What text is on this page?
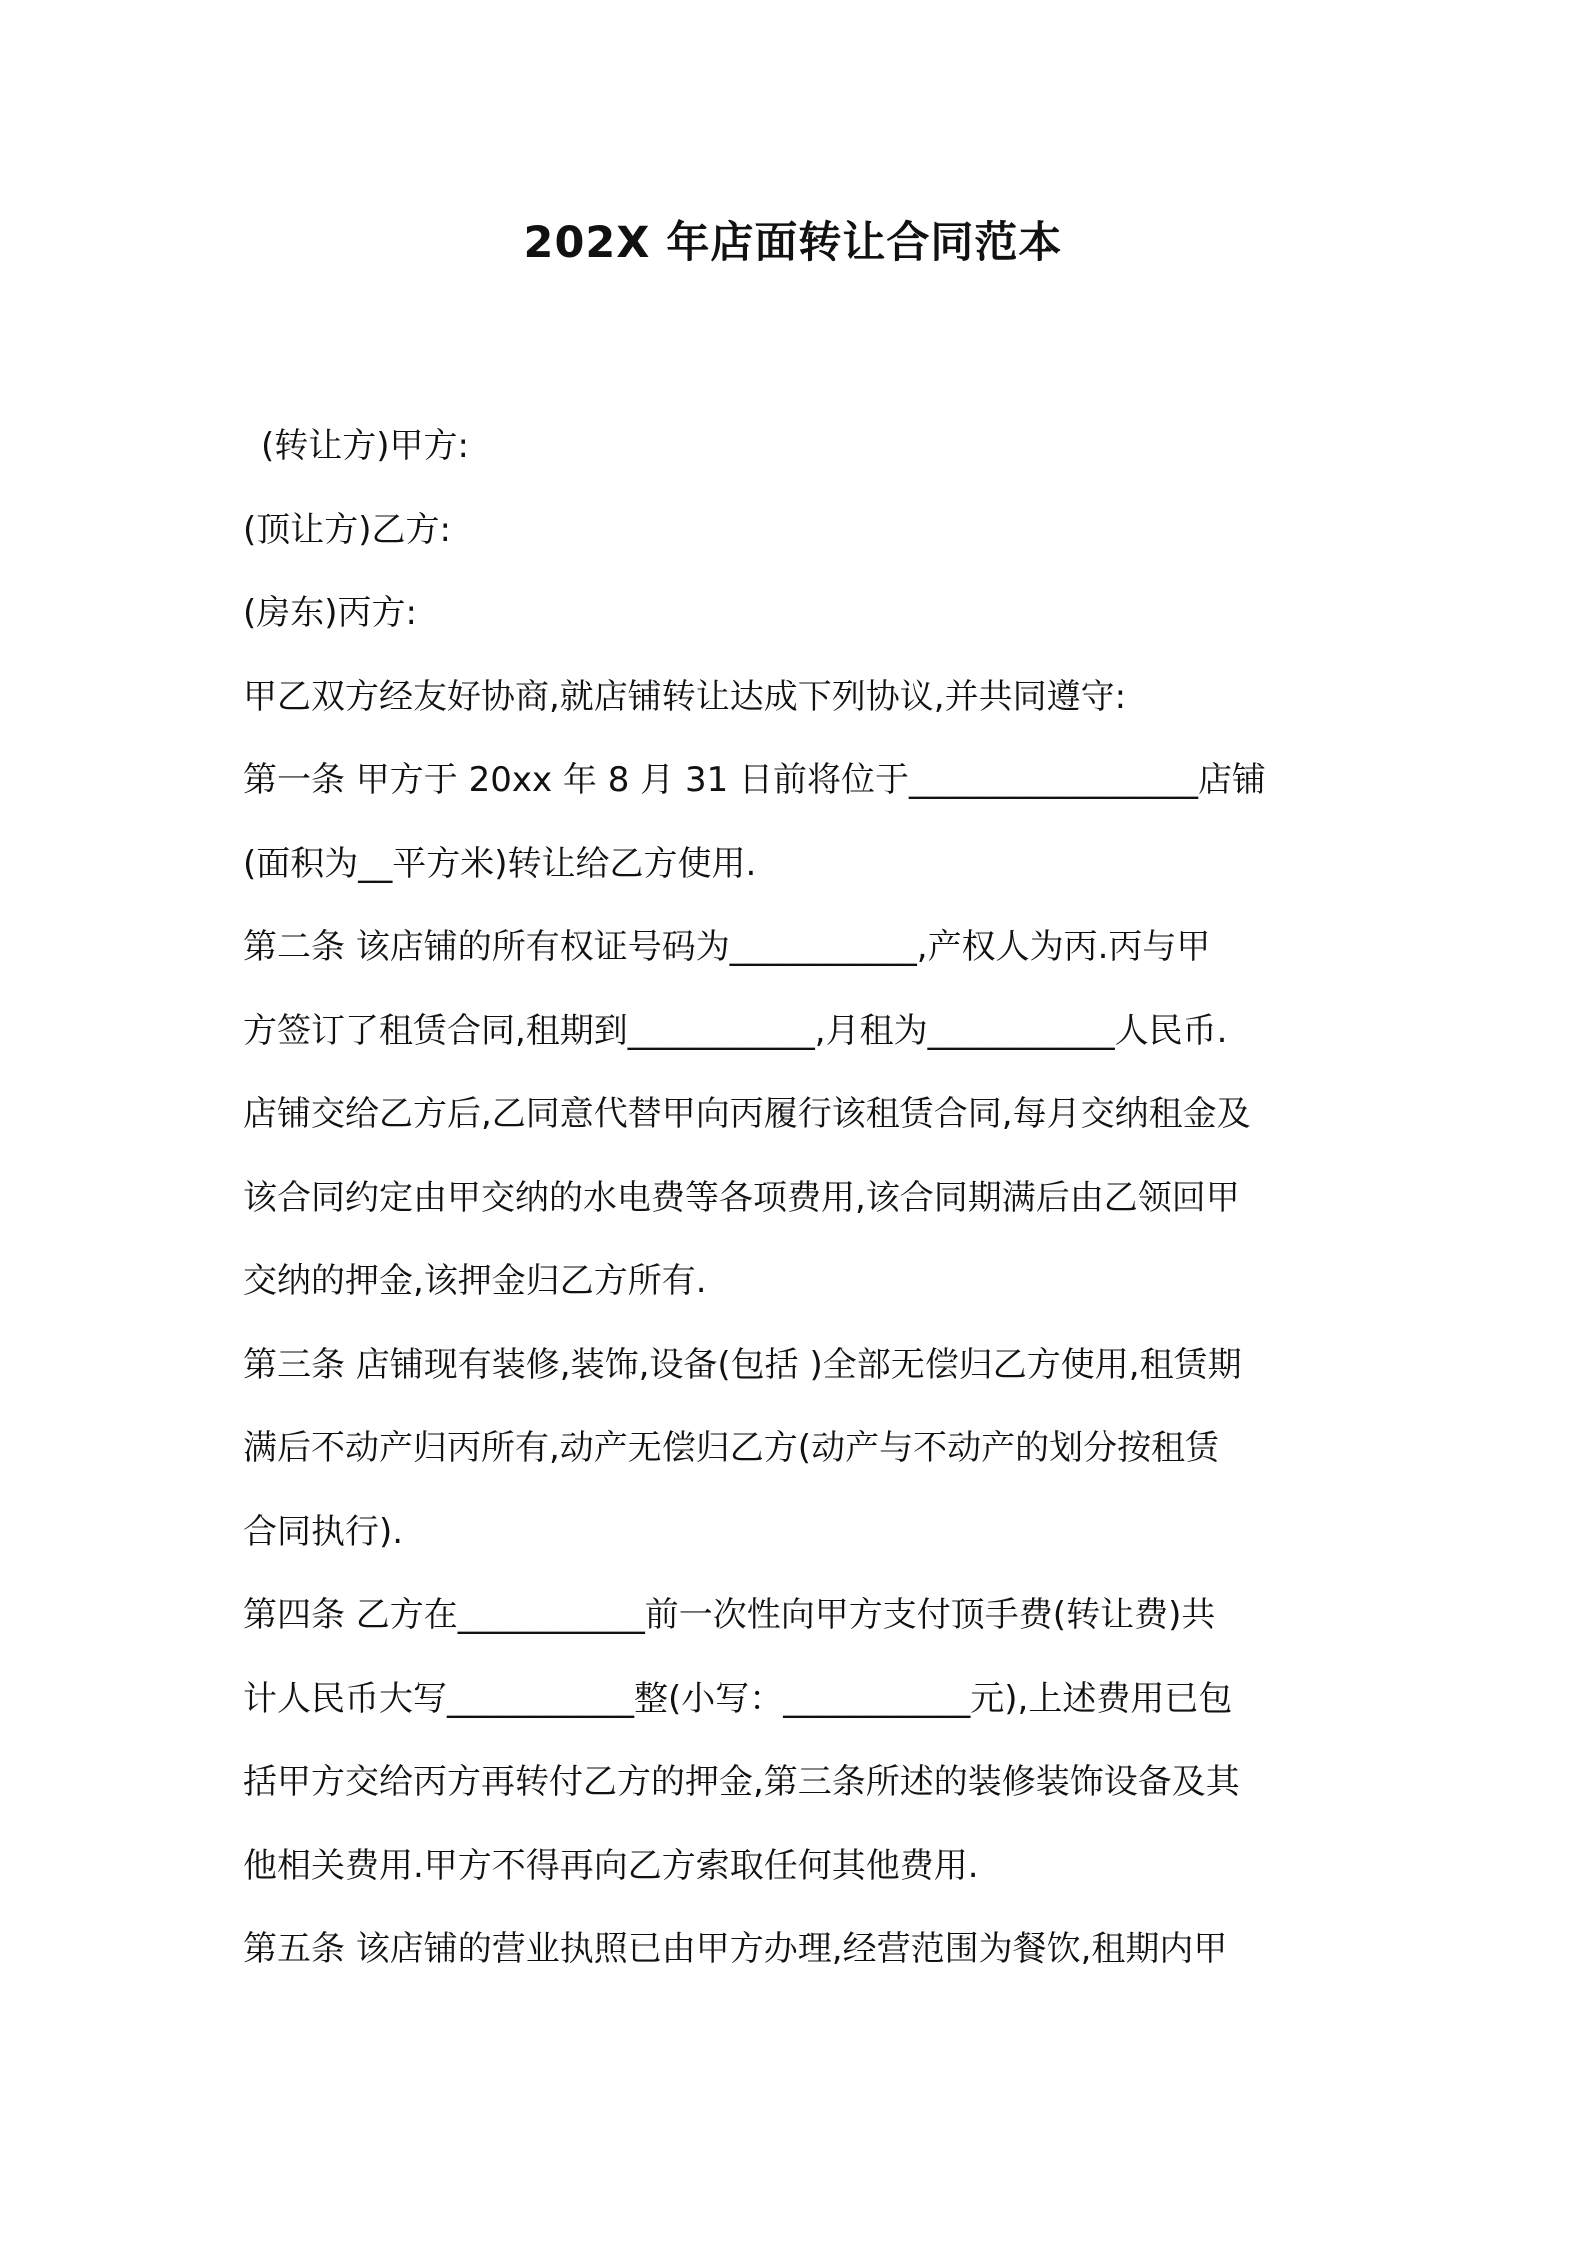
202X 年店面转让合同范本

(转让方)甲方:

(顶让方)乙方:

(房东)丙方:

甲乙双方经友好协商,就店铺转让达成下列协议,并共同遵守:

第一条 甲方于 20xx 年 8 月 31 日前将位于_________________店铺

(面积为__平方米)转让给乙方使用.

第二条 该店铺的所有权证号码为___________,产权人为丙.丙与甲

方签订了租赁合同,租期到___________,月租为___________人民币.

店铺交给乙方后,乙同意代替甲向丙履行该租赁合同,每月交纳租金及

该合同约定由甲交纳的水电费等各项费用,该合同期满后由乙领回甲

交纳的押金,该押金归乙方所有.

第三条 店铺现有装修,装饰,设备(包括 )全部无偿归乙方使用,租赁期

满后不动产归丙所有,动产无偿归乙方(动产与不动产的划分按租赁

合同执行).

第四条 乙方在___________前一次性向甲方支付顶手费(转让费)共

计人民币大写___________整(小写：___________元),上述费用已包

括甲方交给丙方再转付乙方的押金,第三条所述的装修装饰设备及其

他相关费用.甲方不得再向乙方索取任何其他费用.

第五条 该店铺的营业执照已由甲方办理,经营范围为餐饮,租期内甲
